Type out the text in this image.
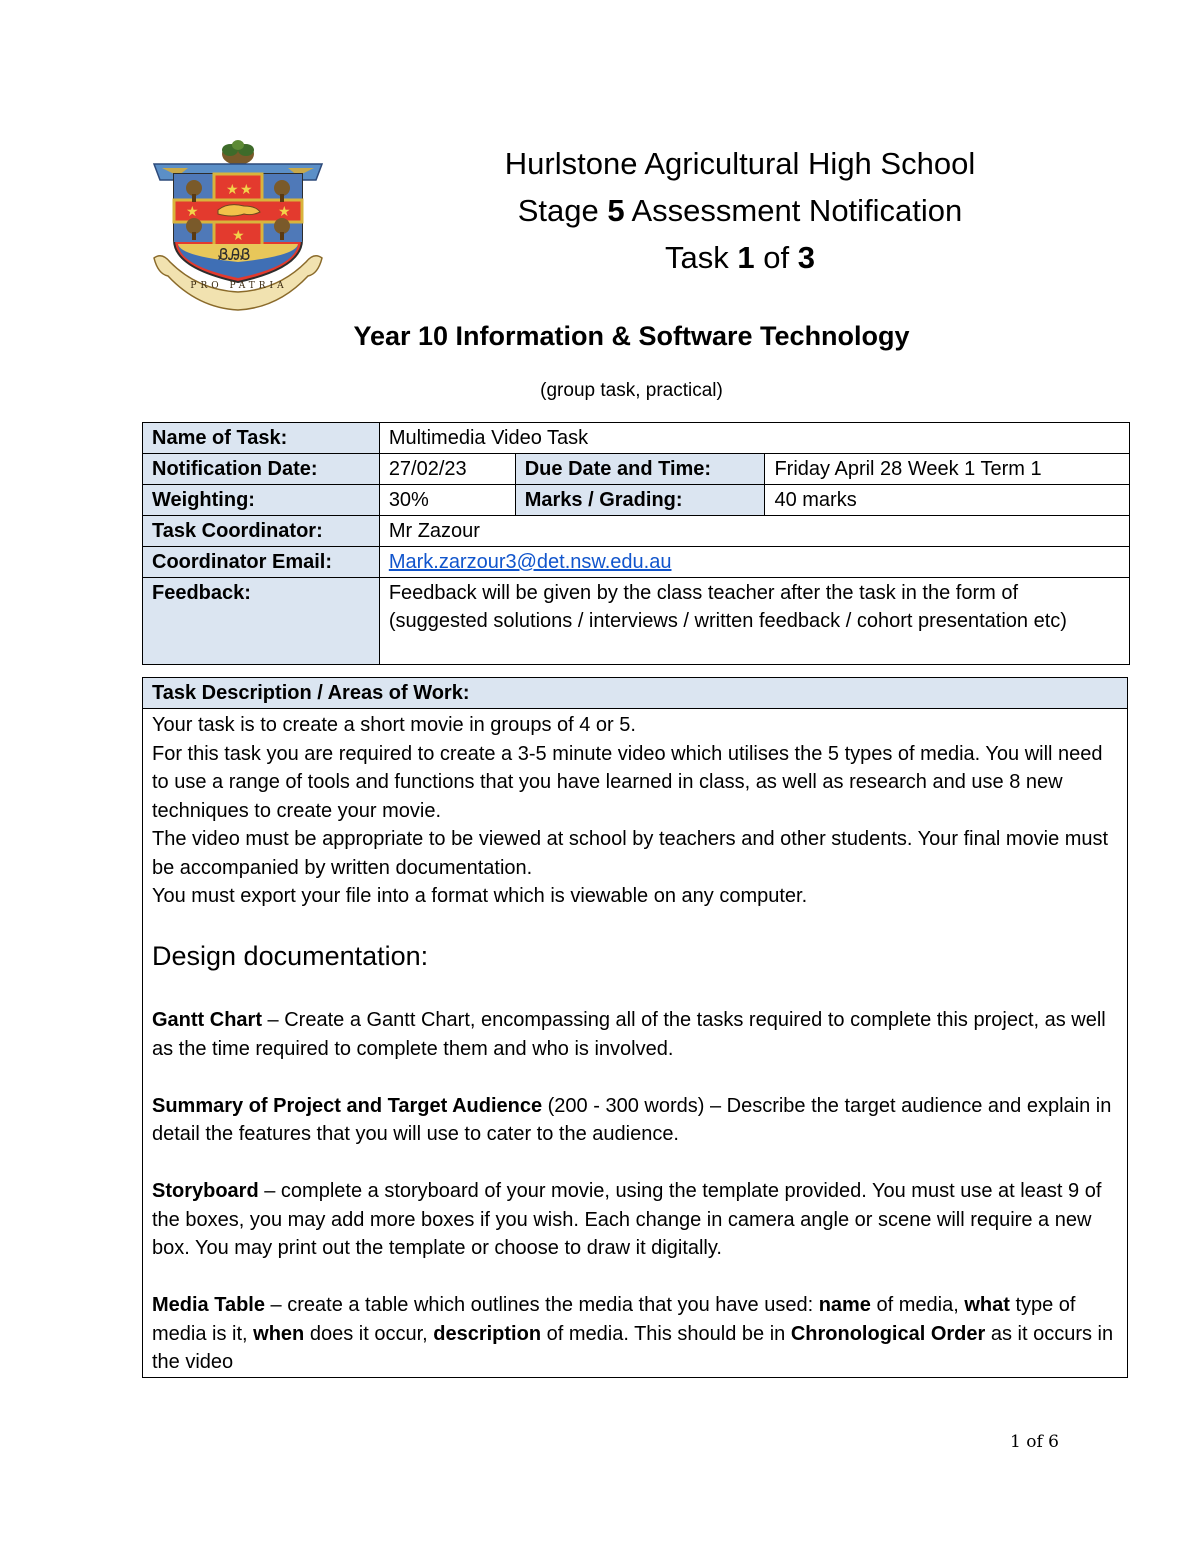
★ ★
★	★
★
ᏰᎯᏰ
PRO PATRIA
Hurlstone Agricultural High School
Stage 5 Assessment Notification
Task 1 of 3
Year 10 Information & Software Technology
(group task, practical)
Name of Task:	Multimedia Video Task		
Notification Date:	27/02/23	Due Date and Time:	Friday April 28 Week 1 Term 1
Weighting:	30%	Marks / Grading:	40 marks
Task Coordinator:	Mr Zazour		
Coordinator Email:	Mark.zarzour3@det.nsw.edu.au		
Feedback:	Feedback will be given by the class teacher after the task in the form of (suggested solutions / interviews / written feedback / cohort presentation etc)		
Task Description / Areas of Work:

Your task is to create a short movie in groups of 4 or 5.

For this task you are required to create a 3-5 minute video which utilises the 5 types of media. You will need to use a range of tools and functions that you have learned in class, as well as research and use 8 new techniques to create your movie.

The video must be appropriate to be viewed at school by teachers and other students. Your final movie must be accompanied by written documentation.

You must export your file into a format which is viewable on any computer.

Design documentation:

Gantt Chart – Create a Gantt Chart, encompassing all of the tasks required to complete this project, as well as the time required to complete them and who is involved.

Summary of Project and Target Audience (200 - 300 words) – Describe the target audience and explain in detail the features that you will use to cater to the audience.

Storyboard – complete a storyboard of your movie, using the template provided. You must use at least 9 of the boxes, you may add more boxes if you wish. Each change in camera angle or scene will require a new box. You may print out the template or choose to draw it digitally.

Media Table – create a table which outlines the media that you have used: name of media, what type of media is it, when does it occur, description of media. This should be in Chronological Order as it occurs in the video

1 of 6
